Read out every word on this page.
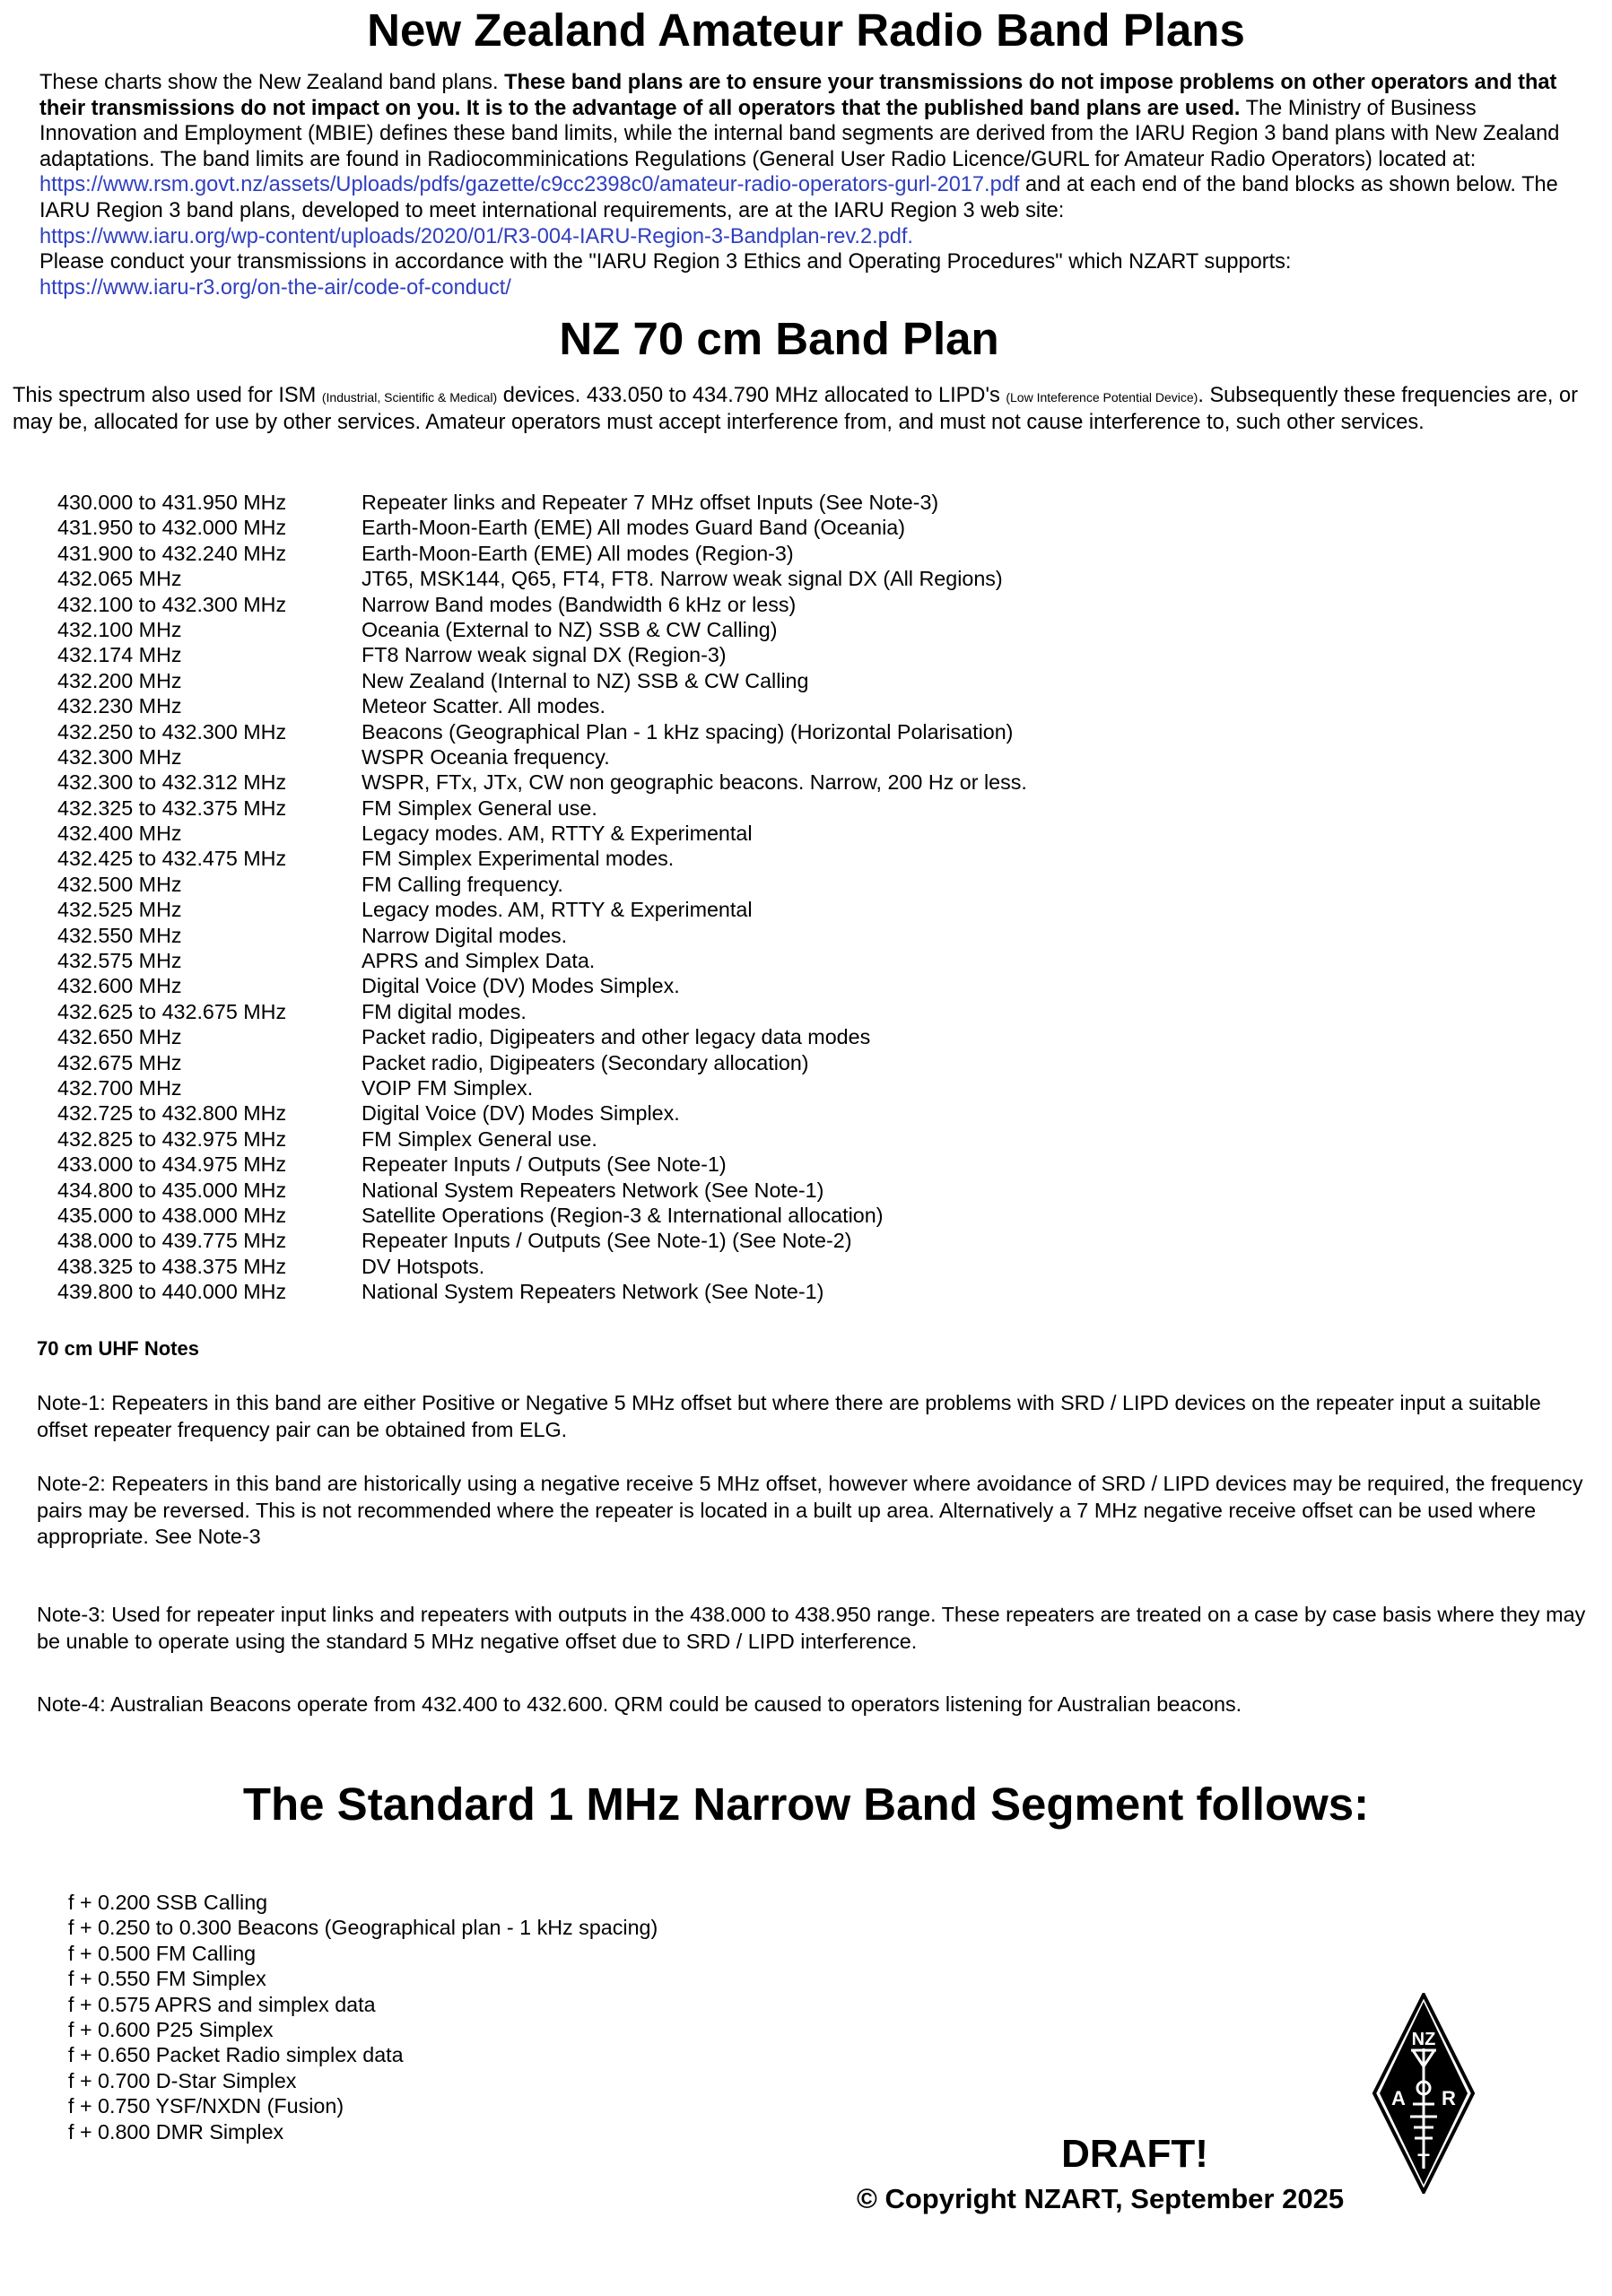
New Zealand Amateur Radio Band Plans
These charts show the New Zealand band plans. These band plans are to ensure your transmissions do not impose problems on other operators and that their transmissions do not impact on you. It is to the advantage of all operators that the published band plans are used. The Ministry of Business Innovation and Employment (MBIE) defines these band limits, while the internal band segments are derived from the IARU Region 3 band plans with New Zealand adaptations. The band limits are found in Radiocomminications Regulations (General User Radio Licence/GURL for Amateur Radio Operators) located at: https://www.rsm.govt.nz/assets/Uploads/pdfs/gazette/c9cc2398c0/amateur-radio-operators-gurl-2017.pdf and at each end of the band blocks as shown below. The IARU Region 3 band plans, developed to meet international requirements, are at the IARU Region 3 web site:
https://www.iaru.org/wp-content/uploads/2020/01/R3-004-IARU-Region-3-Bandplan-rev.2.pdf.
Please conduct your transmissions in accordance with the "IARU Region 3 Ethics and Operating Procedures" which NZART supports:
https://www.iaru-r3.org/on-the-air/code-of-conduct/
NZ 70 cm Band Plan
This spectrum also used for ISM (Industrial, Scientific & Medical) devices. 433.050 to 434.790 MHz allocated to LIPD's (Low Inteference Potential Device). Subsequently these frequencies are, or may be, allocated for use by other services. Amateur operators must accept interference from, and must not cause interference to, such other services.
430.000 to 431.950 MHz	Repeater links and Repeater 7 MHz offset Inputs (See Note-3)
431.950 to 432.000 MHz	Earth-Moon-Earth (EME) All modes Guard Band (Oceania)
431.900 to 432.240 MHz	Earth-Moon-Earth (EME) All modes (Region-3)
432.065 MHz	JT65, MSK144, Q65, FT4, FT8. Narrow weak signal DX (All Regions)
432.100 to 432.300 MHz	Narrow Band modes (Bandwidth 6 kHz or less)
432.100 MHz	Oceania (External to NZ) SSB & CW Calling)
432.174 MHz	FT8 Narrow weak signal DX (Region-3)
432.200 MHz	New Zealand (Internal to NZ) SSB & CW Calling
432.230 MHz	Meteor Scatter. All modes.
432.250 to 432.300 MHz	Beacons (Geographical Plan - 1 kHz spacing) (Horizontal Polarisation)
432.300 MHz	WSPR Oceania frequency.
432.300 to 432.312 MHz	WSPR, FTx, JTx, CW non geographic beacons. Narrow, 200 Hz or less.
432.325 to 432.375 MHz	FM Simplex General use.
432.400 MHz	Legacy modes. AM, RTTY & Experimental
432.425 to 432.475 MHz	FM Simplex Experimental modes.
432.500 MHz	FM Calling frequency.
432.525 MHz	Legacy modes. AM, RTTY & Experimental
432.550 MHz	Narrow Digital modes.
432.575 MHz	APRS and Simplex Data.
432.600 MHz	Digital Voice (DV) Modes Simplex.
432.625 to 432.675 MHz	FM digital modes.
432.650 MHz	Packet radio, Digipeaters and other legacy data modes
432.675 MHz	Packet radio, Digipeaters (Secondary allocation)
432.700 MHz	VOIP FM Simplex.
432.725 to 432.800 MHz	Digital Voice (DV) Modes Simplex.
432.825 to 432.975 MHz	FM Simplex General use.
433.000 to 434.975 MHz	Repeater Inputs / Outputs (See Note-1)
434.800 to 435.000 MHz	National System Repeaters Network (See Note-1)
435.000 to 438.000 MHz	Satellite Operations (Region-3 & International allocation)
438.000 to 439.775 MHz	Repeater Inputs / Outputs (See Note-1) (See Note-2)
438.325 to 438.375 MHz	DV Hotspots.
439.800 to 440.000 MHz	National System Repeaters Network (See Note-1)
70 cm UHF Notes
Note-1: Repeaters in this band are either Positive or Negative 5 MHz offset but where there are problems with SRD / LIPD devices on the repeater input a suitable offset repeater frequency pair can be obtained from ELG.
Note-2: Repeaters in this band are historically using a negative receive 5 MHz offset, however where avoidance of SRD / LIPD devices may be required, the frequency pairs may be reversed. This is not recommended where the repeater is located in a built up area. Alternatively a 7 MHz negative receive offset can be used where appropriate. See Note-3
Note-3: Used for repeater input links and repeaters with outputs in the 438.000 to 438.950 range. These repeaters are treated on a case by case basis where they may be unable to operate using the standard 5 MHz negative offset due to SRD / LIPD interference.
Note-4: Australian Beacons operate from 432.400 to 432.600. QRM could be caused to operators listening for Australian beacons.
The Standard 1 MHz Narrow Band Segment follows:
f + 0.200 SSB Calling
f + 0.250 to 0.300 Beacons (Geographical plan - 1 kHz spacing)
f + 0.500 FM Calling
f + 0.550 FM Simplex
f + 0.575 APRS and simplex data
f + 0.600 P25 Simplex
f + 0.650 Packet Radio simplex data
f + 0.700 D-Star Simplex
f + 0.750 YSF/NXDN (Fusion)
f + 0.800 DMR Simplex
DRAFT!
© Copyright NZART, September 2025
NZ
A R
T
